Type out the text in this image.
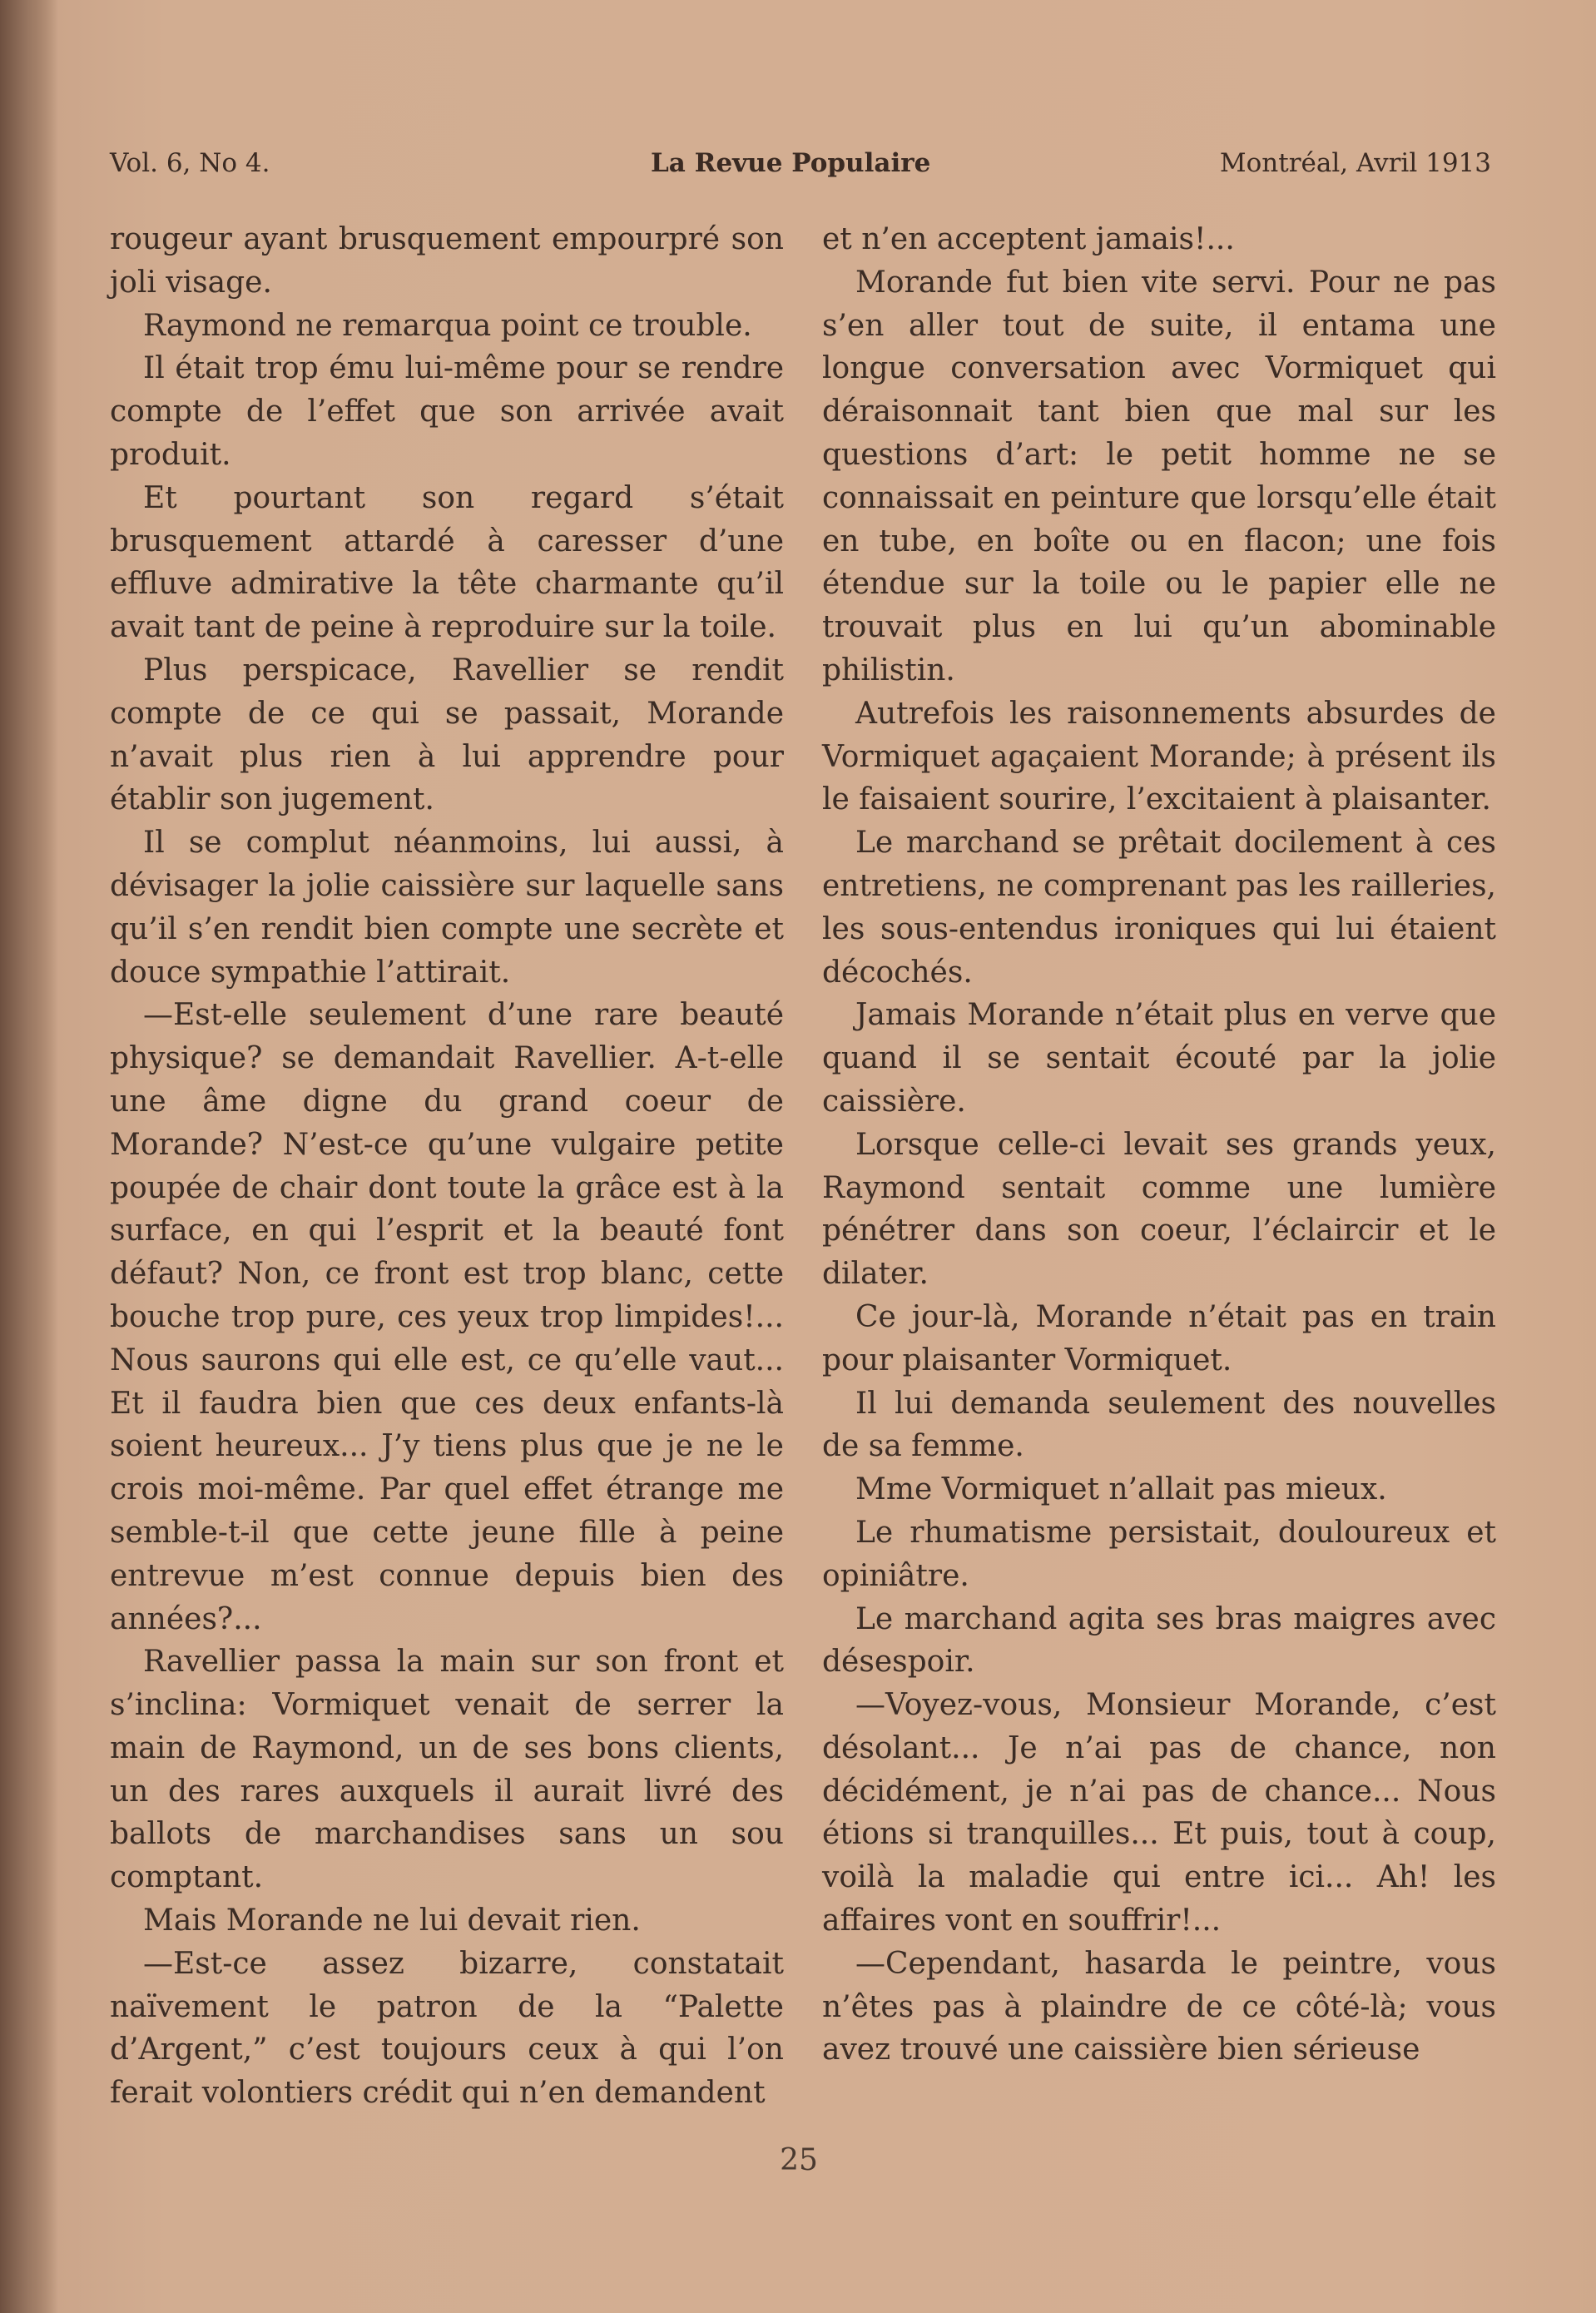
Vol. 6, No 4.	La Revue Populaire	Montréal, Avril 1913

rougeur ayant brusquement empourpré son joli visage.

Raymond ne remarqua point ce trouble.

Il était trop ému lui-même pour se rendre compte de l’effet que son arrivée avait produit.

Et pourtant son regard s’était brusquement attardé à caresser d’une effluve admirative la tête charmante qu’il avait tant de peine à reproduire sur la toile.

Plus perspicace, Ravellier se rendit compte de ce qui se passait, Morande n’avait plus rien à lui apprendre pour établir son jugement.

Il se complut néanmoins, lui aussi, à dévisager la jolie caissière sur laquelle sans qu’il s’en rendit bien compte une secrète et douce sympathie l’attirait.

—Est-elle seulement d’une rare beauté physique? se demandait Ravellier. A-t-elle une âme digne du grand coeur de Morande? N’est-ce qu’une vulgaire petite poupée de chair dont toute la grâce est à la surface, en qui l’esprit et la beauté font défaut? Non, ce front est trop blanc, cette bouche trop pure, ces yeux trop limpides!... Nous saurons qui elle est, ce qu’elle vaut... Et il faudra bien que ces deux enfants-là soient heureux... J’y tiens plus que je ne le crois moi-même. Par quel effet étrange me semble-t-il que cette jeune fille à peine entrevue m’est connue depuis bien des années?...

Ravellier passa la main sur son front et s’inclina: Vormiquet venait de serrer la main de Raymond, un de ses bons clients, un des rares auxquels il aurait livré des ballots de marchandises sans un sou comptant.

Mais Morande ne lui devait rien.

—Est-ce assez bizarre, constatait naïvement le patron de la “Palette d’Argent,” c’est toujours ceux à qui l’on ferait volontiers crédit qui n’en demandent

et n’en acceptent jamais!...

Morande fut bien vite servi. Pour ne pas s’en aller tout de suite, il entama une longue conversation avec Vormiquet qui déraisonnait tant bien que mal sur les questions d’art: le petit homme ne se connaissait en peinture que lorsqu’elle était en tube, en boîte ou en flacon; une fois étendue sur la toile ou le papier elle ne trouvait plus en lui qu’un abominable philistin.

Autrefois les raisonnements absurdes de Vormiquet agaçaient Morande; à présent ils le faisaient sourire, l’excitaient à plaisanter.

Le marchand se prêtait docilement à ces entretiens, ne comprenant pas les railleries, les sous-entendus ironiques qui lui étaient décochés.

Jamais Morande n’était plus en verve que quand il se sentait écouté par la jolie caissière.

Lorsque celle-ci levait ses grands yeux, Raymond sentait comme une lumière pénétrer dans son coeur, l’éclaircir et le dilater.

Ce jour-là, Morande n’était pas en train pour plaisanter Vormiquet.

Il lui demanda seulement des nouvelles de sa femme.

Mme Vormiquet n’allait pas mieux.

Le rhumatisme persistait, douloureux et opiniâtre.

Le marchand agita ses bras maigres avec désespoir.

—Voyez-vous, Monsieur Morande, c’est désolant... Je n’ai pas de chance, non décidément, je n’ai pas de chance... Nous étions si tranquilles... Et puis, tout à coup, voilà la maladie qui entre ici... Ah! les affaires vont en souffrir!...

—Cependant, hasarda le peintre, vous n’êtes pas à plaindre de ce côté-là; vous avez trouvé une caissière bien sérieuse

25
